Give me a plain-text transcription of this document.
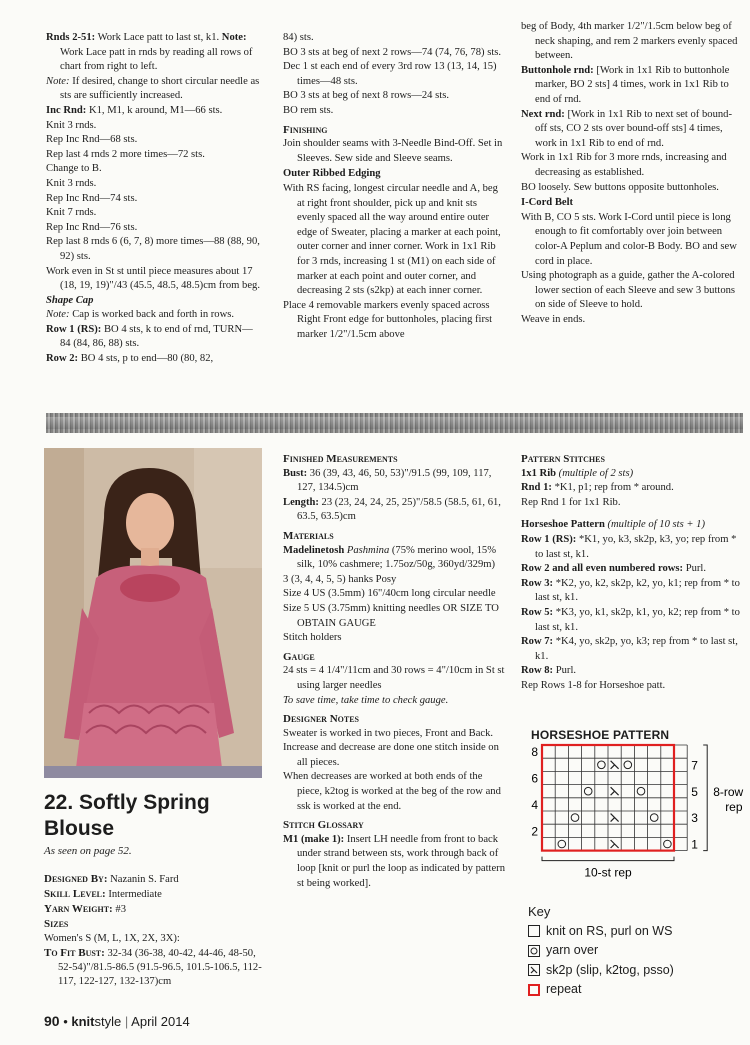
Rnds 2-51: Work Lace patt to last st, k1. Note: Work Lace patt in rnds by reading all rows of chart from right to left.

Note: If desired, change to short circular needle as sts are sufficiently increased.

Inc Rnd: K1, M1, k around, M1—66 sts.

Knit 3 rnds.

Rep Inc Rnd—68 sts.

Rep last 4 rnds 2 more times—72 sts.

Change to B.

Knit 3 rnds.

Rep Inc Rnd—74 sts.

Knit 7 rnds.

Rep Inc Rnd—76 sts.

Rep last 8 rnds 6 (6, 7, 8) more times—88 (88, 90, 92) sts.

Work even in St st until piece measures about 17 (18, 19, 19)"/43 (45.5, 48.5, 48.5)cm from beg.

Shape Cap

Note: Cap is worked back and forth in rows.

Row 1 (RS): BO 4 sts, k to end of rnd, TURN—84 (84, 86, 88) sts.

Row 2: BO 4 sts, p to end—80 (80, 82,

84) sts.

BO 3 sts at beg of next 2 rows—74 (74, 76, 78) sts.

Dec 1 st each end of every 3rd row 13 (13, 14, 15) times—48 sts.

BO 3 sts at beg of next 8 rows—24 sts.

BO rem sts.

Finishing

Join shoulder seams with 3-Needle Bind-Off. Set in Sleeves. Sew side and Sleeve seams.

Outer Ribbed Edging

With RS facing, longest circular needle and A, beg at right front shoulder, pick up and knit sts evenly spaced all the way around entire outer edge of Sweater, placing a marker at each point, outer corner and inner corner. Work in 1x1 Rib for 3 rnds, increasing 1 st (M1) on each side of marker at each point and outer corner, and decreasing 2 sts (s2kp) at each inner corner.

Place 4 removable markers evenly spaced across Right Front edge for buttonholes, placing first marker 1/2"/1.5cm above

beg of Body, 4th marker 1/2"/1.5cm below beg of neck shaping, and rem 2 markers evenly spaced between.

Buttonhole rnd: [Work in 1x1 Rib to buttonhole marker, BO 2 sts] 4 times, work in 1x1 Rib to end of rnd.

Next rnd: [Work in 1x1 Rib to next set of bound-off sts, CO 2 sts over bound-off sts] 4 times, work in 1x1 Rib to end of rnd.

Work in 1x1 Rib for 3 more rnds, increasing and decreasing as established.

BO loosely. Sew buttons opposite buttonholes.

I-Cord Belt

With B, CO 5 sts. Work I-Cord until piece is long enough to fit comfortably over join between color-A Peplum and color-B Body. BO and sew cord in place.

Using photograph as a guide, gather the A-colored lower section of each Sleeve and sew 3 buttons on side of Sleeve to hold.

Weave in ends.

22. Softly Spring Blouse
As seen on page 52.

Designed By: Nazanin S. Fard

Skill Level: Intermediate

Yarn Weight: #3

Sizes

Women's S (M, L, 1X, 2X, 3X):

To Fit Bust: 32-34 (36-38, 40-42, 44-46, 48-50, 52-54)"/81.5-86.5 (91.5-96.5, 101.5-106.5, 112-117, 122-127, 132-137)cm

Finished Measurements

Bust: 36 (39, 43, 46, 50, 53)"/91.5 (99, 109, 117, 127, 134.5)cm

Length: 23 (23, 24, 24, 25, 25)"/58.5 (58.5, 61, 61, 63.5, 63.5)cm

Materials

Madelinetosh Pashmina (75% merino wool, 15% silk, 10% cashmere; 1.75oz/50g, 360yd/329m)

3 (3, 4, 4, 5, 5) hanks Posy

Size 4 US (3.5mm) 16"/40cm long circular needle

Size 5 US (3.75mm) knitting needles OR SIZE TO OBTAIN GAUGE

Stitch holders

Gauge

24 sts = 4 1/4"/11cm and 30 rows = 4"/10cm in St st using larger needles

To save time, take time to check gauge.

Designer Notes

Sweater is worked in two pieces, Front and Back.

Increase and decrease are done one stitch inside on all pieces.

When decreases are worked at both ends of the piece, k2tog is worked at the beg of the row and ssk is worked at the end.

Stitch Glossary

M1 (make 1): Insert LH needle from front to back under strand between sts, work through back of loop [knit or purl the loop as indicated by pattern st being worked].

Pattern Stitches

1x1 Rib (multiple of 2 sts)

Rnd 1: *K1, p1; rep from * around.

Rep Rnd 1 for 1x1 Rib.

Horseshoe Pattern (multiple of 10 sts + 1)

Row 1 (RS): *K1, yo, k3, sk2p, k3, yo; rep from * to last st, k1.

Row 2 and all even numbered rows: Purl.

Row 3: *K2, yo, k2, sk2p, k2, yo, k1; rep from * to last st, k1.

Row 5: *K3, yo, k1, sk2p, k1, yo, k2; rep from * to last st, k1.

Row 7: *K4, yo, sk2p, yo, k3; rep from * to last st, k1.

Row 8: Purl.

Rep Rows 1-8 for Horseshoe patt.

HORSESHOE PATTERN
8
6
4
2
7
5
3
1
8-row
rep
10-st rep
Key
knit on RS, purl on WS
yarn over
sk2p (slip, k2tog, psso)
repeat
90 • knitstyle | April 2014
